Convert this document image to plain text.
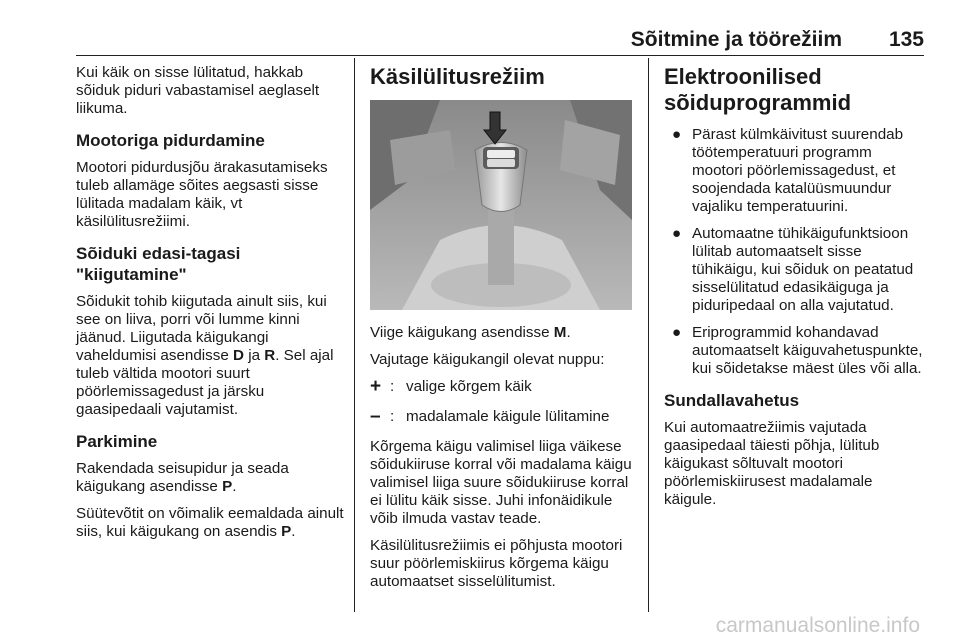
Sõitmine ja töörežiim 135

Kui käik on sisse lülitatud, hakkab sõiduk piduri vabastamisel aeglaselt liikuma.

Mootoriga pidurdamine

Mootori pidurdusjõu ärakasutamiseks tuleb allamäge sõites aegsasti sisse lülitada madalam käik, vt käsilülitusrežiimi.

Sõiduki edasi-tagasi "kiigutamine"

Sõidukit tohib kiigutada ainult siis, kui see on liiva, porri või lumme kinni jäänud. Liigutada käigukangi vaheldumisi asendisse D ja R. Sel ajal tuleb vältida mootori suurt pöörlemissagedust ja järsku gaasipedaali vajutamist.

Parkimine

Rakendada seisupidur ja seada käigukang asendisse P.

Süütevõtit on võimalik eemaldada ainult siis, kui käigukang on asendis P.

Käsilülitusrežiim

Viige käigukang asendisse M.

Vajutage käigukangil olevat nuppu:

+ : valige kõrgem käik
– : madalamale käigule lülitamine

Kõrgema käigu valimisel liiga väikese sõidukiiruse korral või madalama käigu valimisel liiga suure sõidukiiruse korral ei lülitu käik sisse. Juhi infonäidikule võib ilmuda vastav teade.

Käsilülitusrežiimis ei põhjusta mootori suur pöörlemiskiirus kõrgema käigu automaatset sisselülitumist.

Elektroonilised sõiduprogrammid
● Pärast külmkäivitust suurendab töötemperatuuri programm mootori pöörlemissagedust, et soojendada katalüüsmuundur vajaliku temperatuurini.
● Automaatne tühikäigufunktsioon lülitab automaatselt sisse tühikäigu, kui sõiduk on peatatud sisselülitatud edasikäiguga ja piduripedaal on alla vajutatud.
● Eriprogrammid kohandavad automaatselt käiguvahetuspunkte, kui sõidetakse mäest üles või alla.
Sundallavahetus

Kui automaatrežiimis vajutada gaasipedaal täiesti põhja, lülitub käigukast sõltuvalt mootori pöörlemiskiirusest madalamale käigule.

carmanualsonline.info
